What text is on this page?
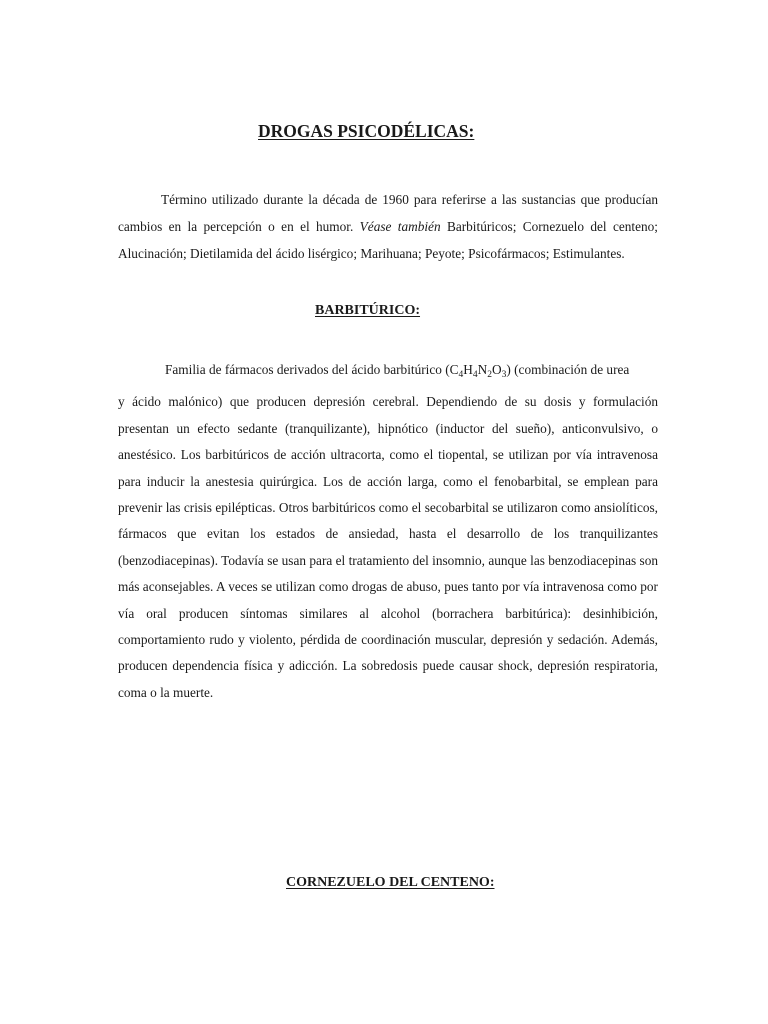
DROGAS PSICODÉLICAS:

Término utilizado durante la década de 1960 para referirse a las sustancias que producían cambios en la percepción o en el humor. Véase también Barbitúricos; Cornezuelo del centeno; Alucinación; Dietilamida del ácido lisérgico; Marihuana; Peyote; Psicofármacos; Estimulantes.

BARBITÚRICO:

Familia de fármacos derivados del ácido barbitúrico $(C_4H_4N_2O_3)$ (combinación de urea
y ácido malónico) que producen depresión cerebral. Dependiendo de su dosis y formulación presentan un efecto sedante (tranquilizante), hipnótico (inductor del sueño), anticonvulsivo, o anestésico. Los barbitúricos de acción ultracorta, como el tiopental, se utilizan por vía intravenosa para inducir la anestesia quirúrgica. Los de acción larga, como el fenobarbital, se emplean para prevenir las crisis epilépticas. Otros barbitúricos como el secobarbital se utilizaron como ansiolíticos, fármacos que evitan los estados de ansiedad, hasta el desarrollo de los tranquilizantes (benzodiacepinas). Todavía se usan para el tratamiento del insomnio, aunque las benzodiacepinas son más aconsejables. A veces se utilizan como drogas de abuso, pues tanto por vía intravenosa como por vía oral producen síntomas similares al alcohol (borrachera barbitúrica): desinhibición, comportamiento rudo y violento, pérdida de coordinación muscular, depresión y sedación. Además, producen dependencia física y adicción. La sobredosis puede causar shock, depresión respiratoria, coma o la muerte.

CORNEZUELO DEL CENTENO:
